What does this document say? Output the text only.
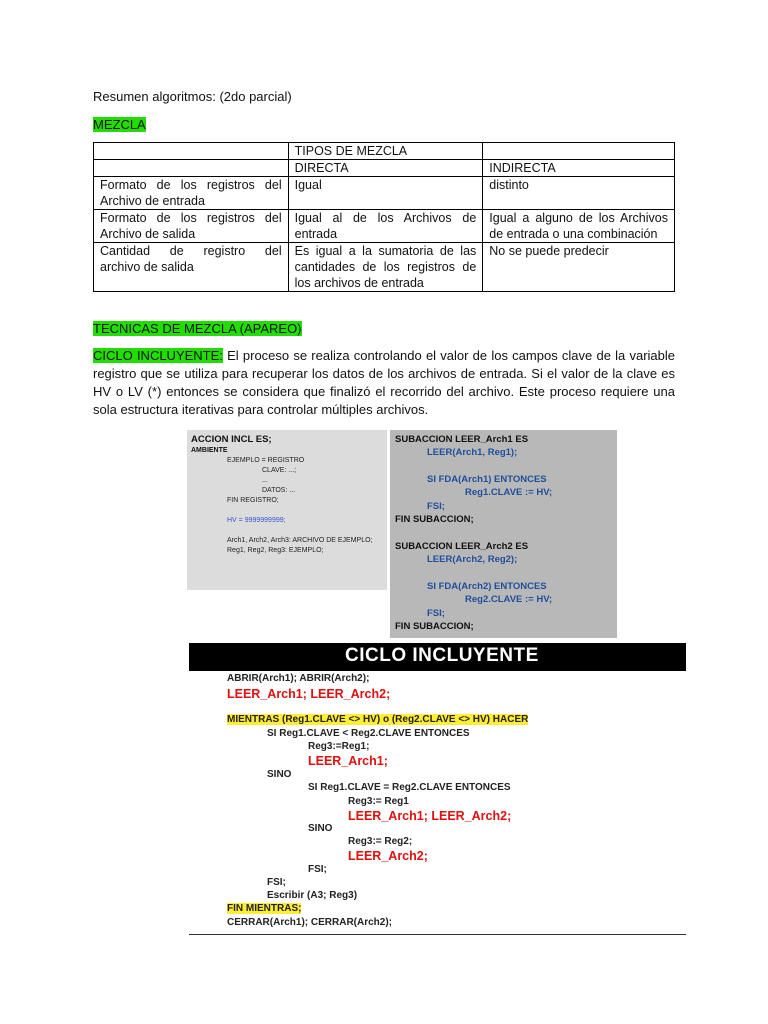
Resumen algoritmos: (2do parcial)
MEZCLA
	TIPOS DE MEZCLA	
	DIRECTA	INDIRECTA
Formato de los registros del
Archivo de entrada	Igual	distinto
Formato de los registros del
Archivo de salida	Igual al de los Archivos de
entrada	Igual a alguno de los Archivos
de entrada o una combinación

Cantidad de registro del
archivo de salida	Es igual a la sumatoria de las
cantidades de los registros de
los archivos de entrada	No se puede predecir
TECNICAS DE MEZCLA (APAREO)
CICLO INCLUYENTE: El proceso se realiza controlando el valor de los campos clave de la variable registro que se utiliza para recuperar los datos de los archivos de entrada. Si el valor de la clave es HV o LV (*) entonces se considera que finalizó el recorrido del archivo. Este proceso requiere una sola estructura iterativas para controlar múltiples archivos.
ACCION INCL ES;
AMBIENTE
EJEMPLO = REGISTRO
CLAVE: ...;
...
DATOS: ...
FIN REGISTRO;
HV = 9999999999;
Arch1, Arch2, Arch3: ARCHIVO DE EJEMPLO;
Reg1, Reg2, Reg3: EJEMPLO;
SUBACCION LEER_Arch1 ES
LEER(Arch1, Reg1);
SI FDA(Arch1) ENTONCES
Reg1.CLAVE := HV;
FSI;
FIN SUBACCION;
SUBACCION LEER_Arch2 ES
LEER(Arch2, Reg2);
SI FDA(Arch2) ENTONCES
Reg2.CLAVE := HV;
FSI;
FIN SUBACCION;
CICLO INCLUYENTE
ABRIR(Arch1); ABRIR(Arch2);
LEER_Arch1; LEER_Arch2;
MIENTRAS (Reg1.CLAVE <> HV) o (Reg2.CLAVE <> HV) HACER
SI Reg1.CLAVE < Reg2.CLAVE ENTONCES
Reg3:=Reg1;
LEER_Arch1;
SINO
SI Reg1.CLAVE = Reg2.CLAVE ENTONCES
Reg3:= Reg1
LEER_Arch1; LEER_Arch2;
SINO
Reg3:= Reg2;
LEER_Arch2;
FSI;
FSI;
Escribir (A3; Reg3)
FIN MIENTRAS;
CERRAR(Arch1); CERRAR(Arch2);
